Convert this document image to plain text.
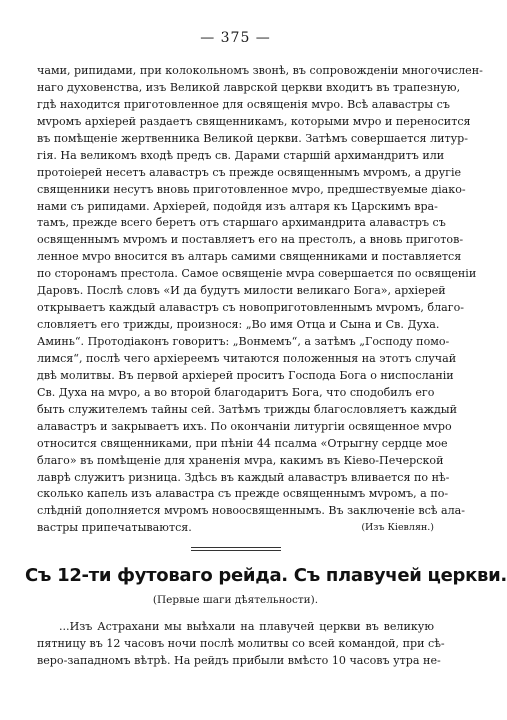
— 375 —
чами, рипидами, при колокольномъ звонѣ, въ сопровожденіи многочислен-
наго духовенства, изъ Великой лаврской церкви входитъ въ трапезную,
гдѣ находится приготовленное для освященія мvро. Всѣ алавастры съ
мvромъ архіерей раздаетъ священникамъ, которыми мvро и переносится
въ помѣщеніе жертвенника Великой церкви. Затѣмъ совершается литур-
гія. На великомъ входѣ предъ св. Дарами старшій архимандритъ или
протоіерей несетъ алавастръ съ прежде освященнымъ мvромъ, а другіе
священники несутъ вновь приготовленное мvро, предшествуемые діако-
нами съ рипидами. Архіерей, подойдя изъ алтаря къ Царскимъ вра-
тамъ, прежде всего беретъ отъ старшаго архимандрита алавастръ съ
освященнымъ мvромъ и поставляетъ его на престолъ, а вновь приготов-
ленное мvро вносится въ алтарь самими священниками и поставляется
по сторонамъ престола. Самое освященіе мvра совершается по освященіи
Даровъ. Послѣ словъ «И да будутъ милости великаго Бога», архіерей
открываетъ каждый алавастръ съ новоприготовленнымъ мvромъ, благо-
словляетъ его трижды, произнося: „Во имя Отца и Сына и Св. Духа.
Аминь“. Протодіаконъ говоритъ: „Вонмемъ“, а затѣмъ „Господу помо-
лимся“, послѣ чего архіереемъ читаются положенныя на этотъ случай
двѣ молитвы. Въ первой архіерей проситъ Господа Бога о ниспосланіи
Св. Духа на мvро, а во второй благодаритъ Бога, что сподобилъ его
быть служителемъ тайны сей. Затѣмъ трижды благословляетъ каждый
алавастръ и закрываетъ ихъ. По окончаніи литургіи освященное мvро
относится священниками, при пѣніи 44 псалма «Отрыгну сердце мое
благо» въ помѣщеніе для храненія мvра, какимъ въ Кіево-Печерской
лаврѣ служитъ ризница. Здѣсь въ каждый алавастръ вливается по нѣ-
сколько капель изъ алавастра съ прежде освященнымъ мvромъ, а по-
слѣдній дополняется мvромъ новоосвященнымъ. Въ заключеніе всѣ ала-
вастры припечатываются.	(Изъ Кіевлян.)
Съ 12-ти футоваго рейда. Съ плавучей церкви.
(Первые шаги дѣятельности).
...Изъ Астрахани мы выѣхали на плавучей церкви въ великую
пятницу въ 12 часовъ ночи послѣ молитвы со всей командой, при сѣ-
веро-западномъ вѣтрѣ. На рейдъ прибыли вмѣсто 10 часовъ утра не-
